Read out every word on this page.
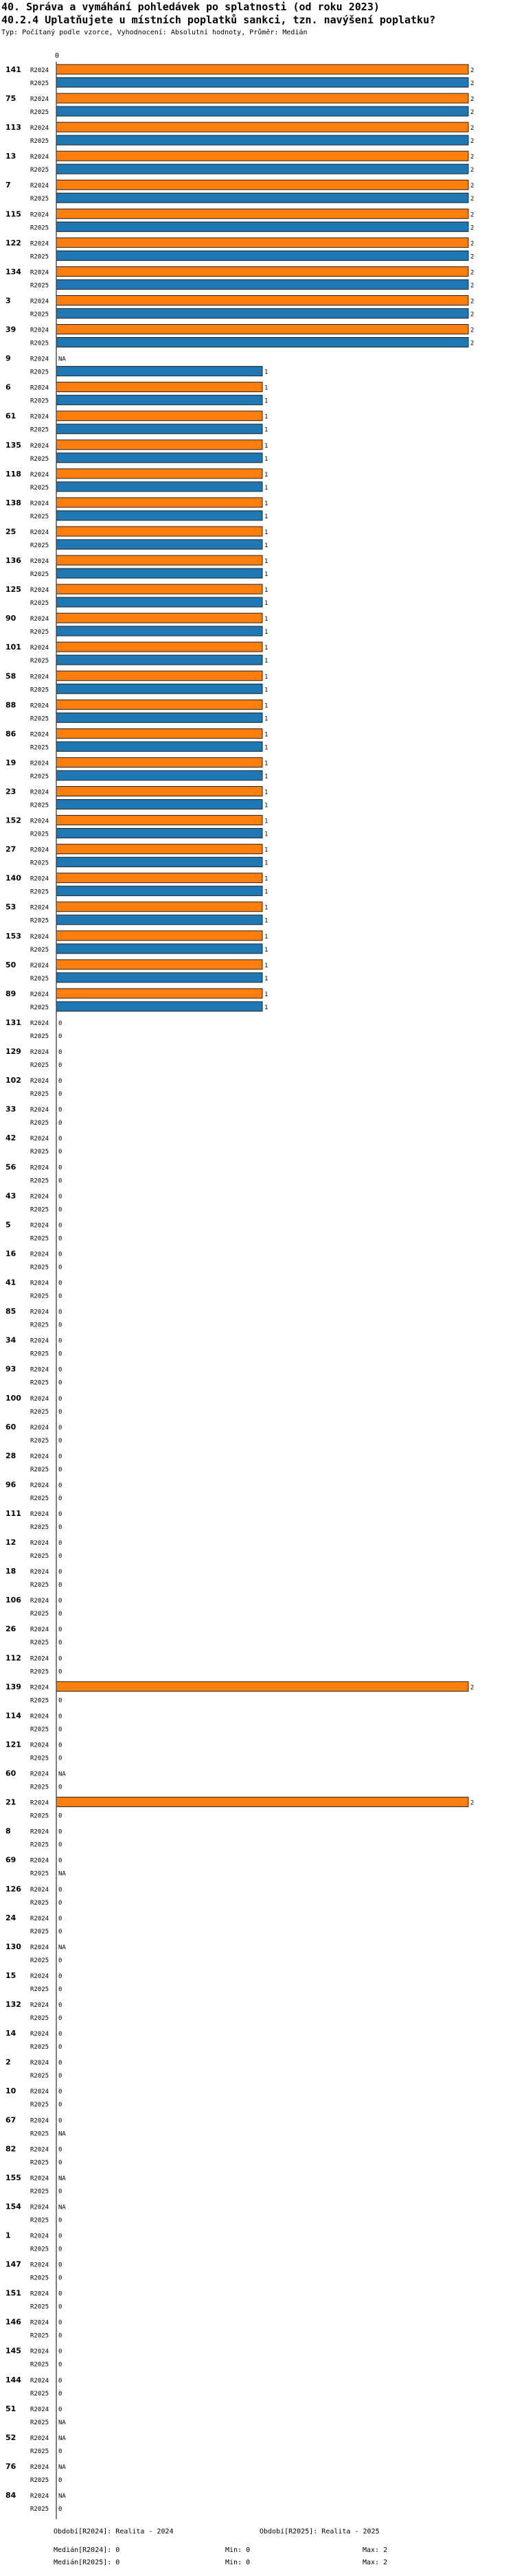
40. Správa a vymáhání pohledávek po splatnosti (od roku 2023)
40.2.4 Uplatňujete u místních poplatků sankci, tzn. navýšení poplatku?
Typ: Počítaný podle vzorce, Vyhodnocení: Absolutní hodnoty, Průměr: Medián
0
141 R2024	2
R2025	2
75 R2024	2
R2025	2
113 R2024	2
R2025	2
13 R2024	2
R2025	2
7	R2024	2
R2025	2
115 R2024	2
R2025	2
122 R2024	2
R2025	2
134 R2024	2
R2025	2
3	R2024	2
R2025	2
39 R2024	2
R2025	2
9	R2024 NA
R2025	1
6	R2024	1
R2025	1
61 R2024	1
R2025	1
135 R2024	1
R2025	1
118 R2024	1
R2025	1
138 R2024	1
R2025	1
25 R2024	1
R2025	1
136 R2024	1
R2025	1
125 R2024	1
R2025	1
90 R2024	1
R2025	1
101 R2024	1
R2025	1
58 R2024	1
R2025	1
88 R2024	1
R2025	1
86 R2024	1
R2025	1
19 R2024	1
R2025	1
23 R2024	1
R2025	1
152 R2024	1
R2025	1
27 R2024	1
R2025	1
140 R2024	1
R2025	1
53 R2024	1
R2025	1
153 R2024	1
R2025	1
50 R2024	1
R2025	1
89 R2024	1
R2025	1
131 R2024 0
R2025 0
129 R2024 0
R2025 0
102 R2024 0
R2025 0
33 R2024 0
R2025 0
42 R2024 0
R2025 0
56 R2024 0
R2025 0
43 R2024 0
R2025 0
5	R2024 0
R2025 0
16 R2024 0
R2025 0
41 R2024 0
R2025 0
85 R2024 0
R2025 0
34 R2024 0
R2025 0
93 R2024 0
R2025 0
100 R2024 0
R2025 0
60 R2024 0
R2025 0
28 R2024 0
R2025 0
96 R2024 0
R2025 0
111 R2024 0
R2025 0
12 R2024 0
R2025 0
18 R2024 0
R2025 0
106 R2024 0
R2025 0
26 R2024 0
R2025 0
112 R2024 0
R2025 0
139 R2024	2
R2025 0
114 R2024 0
R2025 0
121 R2024 0
R2025 0
60 R2024 NA
R2025 0
21 R2024	2
R2025 0
8	R2024 0
R2025 0
69 R2024 0
R2025 NA
126 R2024 0
R2025 0
24 R2024 0
R2025 0
130 R2024 NA
R2025 0
15 R2024 0
R2025 0
132 R2024 0
R2025 0
14 R2024 0
R2025 0
2	R2024 0
R2025 0
10 R2024 0
R2025 0
67 R2024 0
R2025 NA
82 R2024 0
R2025 0
155 R2024 NA
R2025 0
154 R2024 NA
R2025 0
1	R2024 0
R2025 0
147 R2024 0
R2025 0
151 R2024 0
R2025 0
146 R2024 0
R2025 0
145 R2024 0
R2025 0
144 R2024 0
R2025 0
51 R2024 0
R2025 NA
52 R2024 NA
R2025 0
76 R2024 NA
R2025 0
84 R2024 NA
R2025 0
Období[R2024]: Realita - 2024	Období[R2025]: Realita - 2025
Medián[R2024]: 0	Min: 0	Max: 2
Medián[R2025]: 0	Min: 0	Max: 2
